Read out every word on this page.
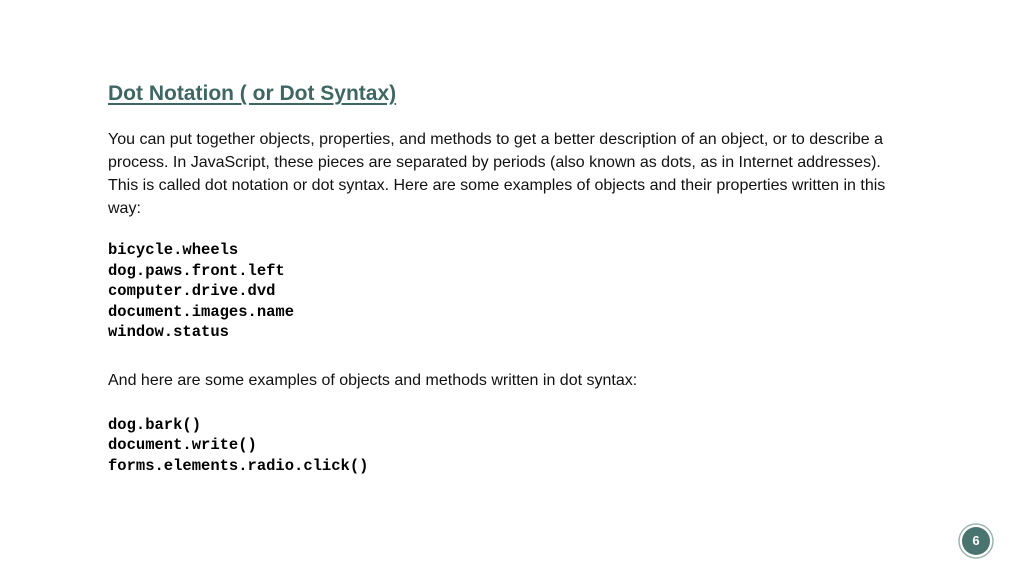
Dot Notation ( or Dot Syntax)

You can put together objects, properties, and methods to get a better description of an object, or to describe a process. In JavaScript, these pieces are separated by periods (also known as dots, as in Internet addresses). This is called dot notation or dot syntax. Here are some examples of objects and their properties written in this way:

bicycle.wheels
dog.paws.front.left
computer.drive.dvd
document.images.name
window.status

And here are some examples of objects and methods written in dot syntax:

dog.bark()
document.write()
forms.elements.radio.click()
6
